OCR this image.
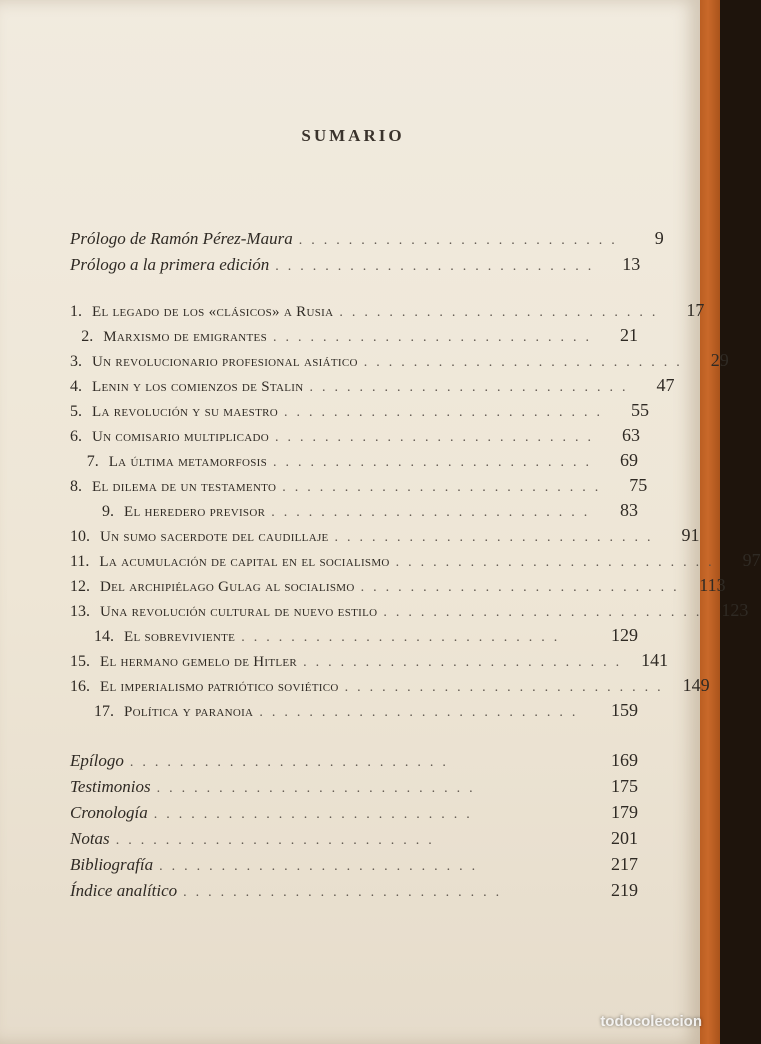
SUMARIO
Prólogo de Ramón Pérez-Maura ..........................	9
Prólogo a la primera edición ..........................	13
1. El legado de los «clásicos» a Rusia ..........................	17
2. Marxismo de emigrantes ..........................	21
3. Un revolucionario profesional asiático ..........................	29
4. Lenin y los comienzos de Stalin ..........................	47
5. La revolución y su maestro ..........................	55
6. Un comisario multiplicado ..........................	63
7. La última metamorfosis ..........................	69
8. El dilema de un testamento ..........................	75
9. El heredero previsor ..........................	83
10. Un sumo sacerdote del caudillaje ..........................	91
11. La acumulación de capital en el socialismo ..........................	97
12. Del archipiélago Gulag al socialismo .......................... 113
13. Una revolución cultural de nuevo estilo .......................... 123
14. El sobreviviente ..........................	129
15. El hermano gemelo de Hitler .......................... 141
16. El imperialismo patriótico soviético .......................... 149
17. Política y paranoia ..........................	159
Epílogo ..........................	169
Testimonios ..........................	175
Cronología ..........................	179
Notas ..........................	201
Bibliografía ..........................	217
Índice analítico ..........................	219
todocoleccion
